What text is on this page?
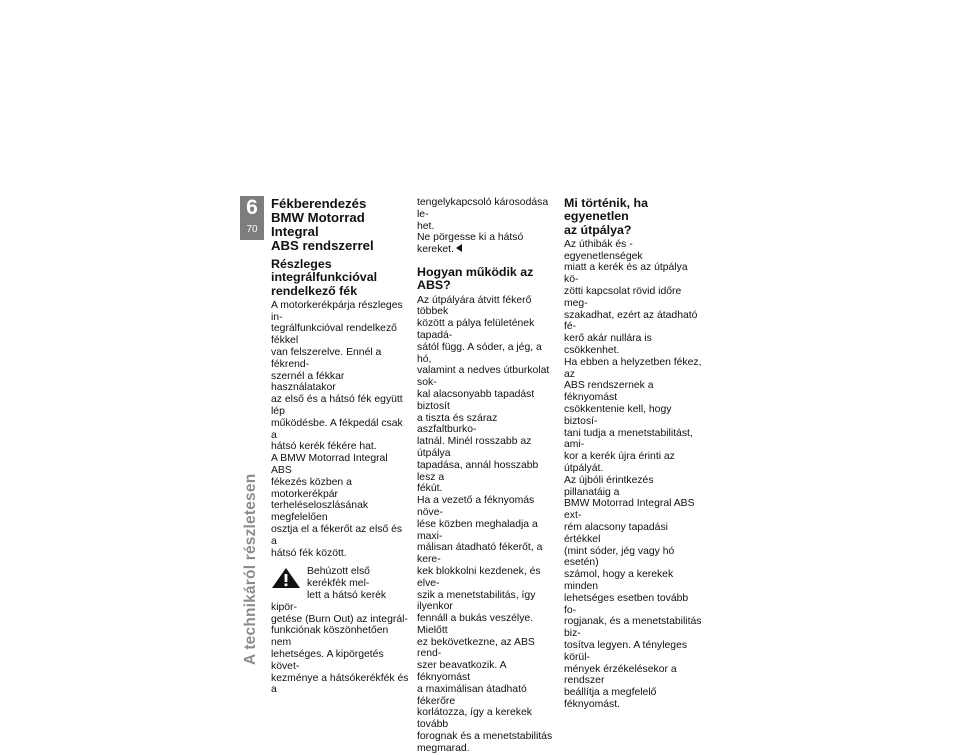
6
70
A technikáról részletesen
Fékberendezés
BMW Motorrad Integral
ABS rendszerrel
Részleges
integrálfunkcióval
rendelkező fék

A motorkerékpárja részleges in-
tegrálfunkcióval rendelkező fékkel
van felszerelve. Ennél a fékrend-
szernél a fékkar használatakor
az első és a hátsó fék együtt lép
működésbe. A fékpedál csak a
hátsó kerék fékére hat.

A BMW Motorrad Integral ABS
fékezés közben a motorkerékpár
terheléseloszlásának megfelelően
osztja el a fékerőt az első és a
hátsó fék között.

Behúzott első kerékfék mel-
lett a hátsó kerék kipör-
getése (Burn Out) az integrál-
funkciónak köszönhetően nem
lehetséges. A kipörgetés követ-
kezménye a hátsókerékfék és a

tengelykapcsoló károsodása le-
het.

Ne pörgesse ki a hátsó kereket.

Hogyan működik az ABS?

Az útpályára átvitt fékerő többek
között a pálya felületének tapadá-
sától függ. A sóder, a jég, a hó,
valamint a nedves útburkolat sok-
kal alacsonyabb tapadást biztosít
a tiszta és száraz aszfaltburko-
latnál. Minél rosszabb az útpálya
tapadása, annál hosszabb lesz a
fékút.

Ha a vezető a féknyomás növe-
lése közben meghaladja a maxi-
málisan átadható fékerőt, a kere-
kek blokkolni kezdenek, és elve-
szik a menetstabilitás, így ilyenkor
fennáll a bukás veszélye. Mielőtt
ez bekövetkezne, az ABS rend-
szer beavatkozik. A féknyomást
a maximálisan átadható fékerőre
korlátozza, így a kerekek tovább
forognak és a menetstabilitás
megmarad.

Mi történik, ha egyenetlen
az útpálya?

Az úthibák és -egyenetlenségek
miatt a kerék és az útpálya kö-
zötti kapcsolat rövid időre meg-
szakadhat, ezért az átadható fé-
kerő akár nullára is csökkenhet.

Ha ebben a helyzetben fékez, az
ABS rendszernek a féknyomást
csökkentenie kell, hogy biztosí-
tani tudja a menetstabilitást, ami-
kor a kerék újra érinti az útpályát.
Az újbóli érintkezés pillanatáig a
BMW Motorrad Integral ABS ext-
rém alacsony tapadási értékkel
(mint sóder, jég vagy hó esetén)
számol, hogy a kerekek minden
lehetséges esetben tovább fo-
rogjanak, és a menetstabilitás biz-
tosítva legyen. A tényleges körül-
mények érzékelésekor a rendszer
beállítja a megfelelő féknyomást.
